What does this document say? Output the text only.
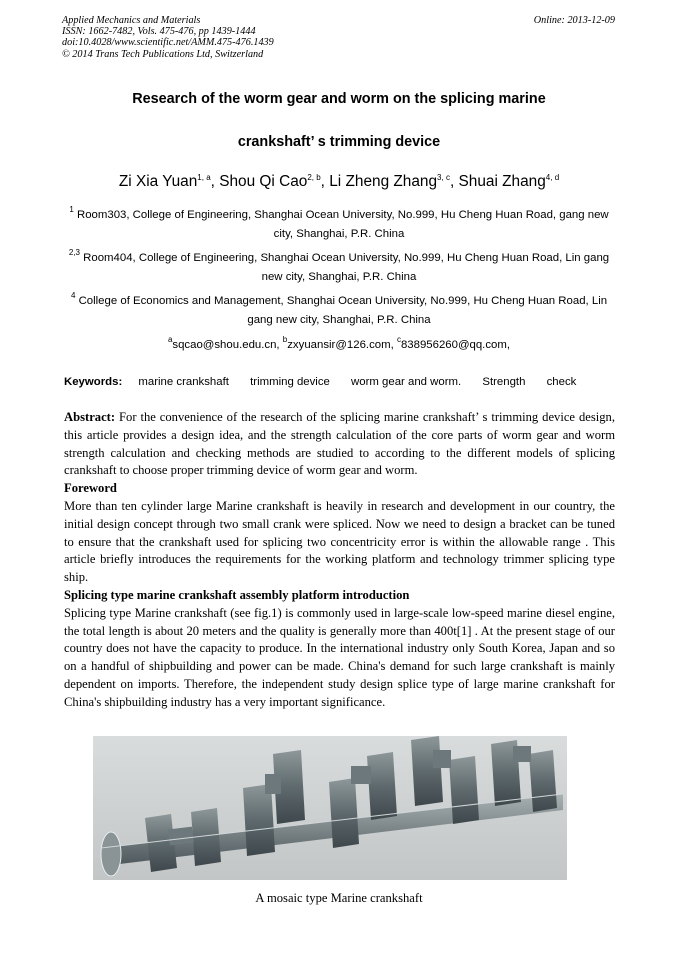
Applied Mechanics and Materials
ISSN: 1662-7482, Vols. 475-476, pp 1439-1444
doi:10.4028/www.scientific.net/AMM.475-476.1439
© 2014 Trans Tech Publications Ltd, Switzerland
Online: 2013-12-09
Research of the worm gear and worm on the splicing marine
crankshaft’ s trimming device
Zi Xia Yuan$^{1, a}$, Shou Qi Cao$^{2, b}$, Li Zheng Zhang$^{3, c}$, Shuai Zhang$^{4, d}$
$^1$ Room303, College of Engineering, Shanghai Ocean University, No.999, Hu Cheng Huan Road, gang new city, Shanghai, P.R. China
$^{2,3}$ Room404, College of Engineering, Shanghai Ocean University, No.999, Hu Cheng Huan Road, Lin gang new city, Shanghai, P.R. China
$^4$ College of Economics and Management, Shanghai Ocean University, No.999, Hu Cheng Huan Road, Lin gang new city, Shanghai, P.R. China
$^a$sqcao@shou.edu.cn, $^b$zxyuansir@126.com, $^c$838956260@qq.com,
Keywords: marine crankshaft trimming device worm gear and worm. Strength check

Abstract: For the convenience of the research of the splicing marine crankshaft’ s trimming device design, this article provides a design idea, and the strength calculation of the core parts of worm gear and worm strength calculation and checking methods are studied to according to the different models of splicing crankshaft to choose proper trimming device of worm gear and worm.

Foreword

More than ten cylinder large Marine crankshaft is heavily in research and development in our country, the initial design concept through two small crank were spliced. Now we need to design a bracket can be tuned to ensure that the crankshaft used for splicing two concentricity error is within the allowable range . This article briefly introduces the requirements for the working platform and technology trimmer splicing type ship.

Splicing type marine crankshaft assembly platform introduction

Splicing type Marine crankshaft (see fig.1) is commonly used in large-scale low-speed marine diesel engine, the total length is about 20 meters and the quality is generally more than 400t[1] . At the present stage of our country does not have the capacity to produce. In the international industry only South Korea, Japan and so on a handful of shipbuilding and power can be made. China's demand for such large crankshaft is mainly dependent on imports. Therefore, the independent study design splice type of large marine crankshaft for China's shipbuilding industry has a very important significance.

A mosaic type Marine crankshaft
